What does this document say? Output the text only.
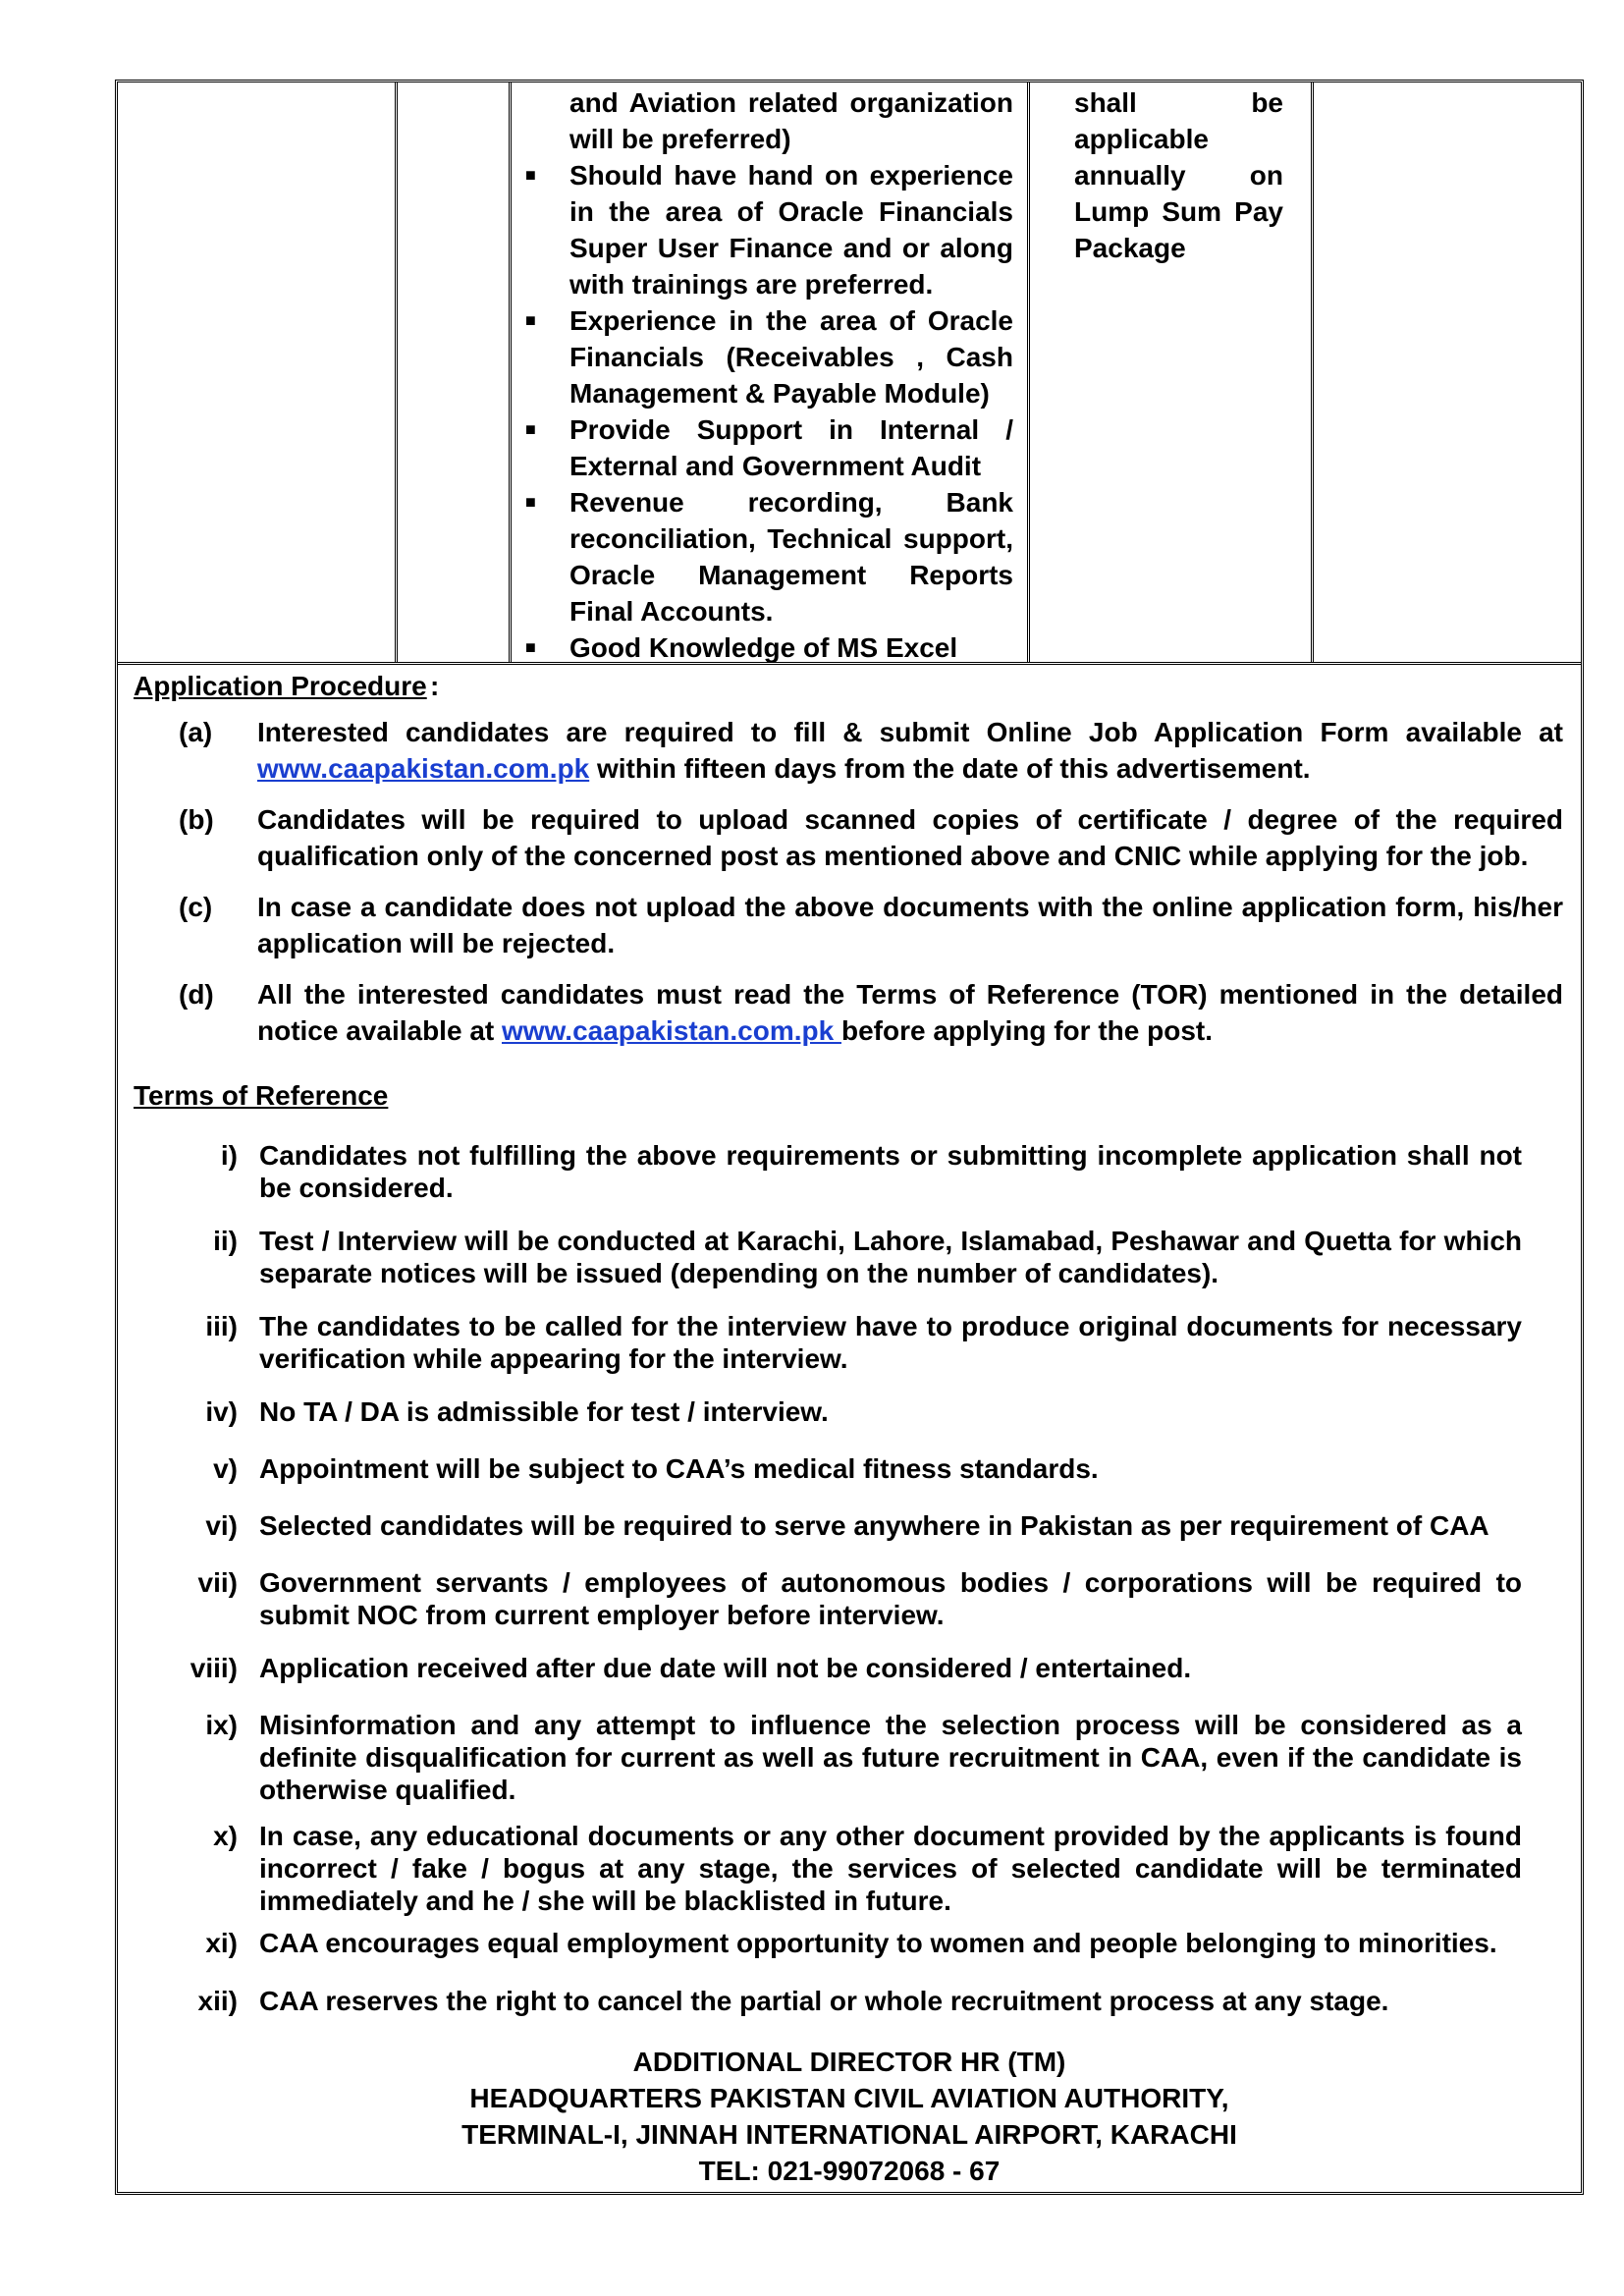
and Aviation related organization will be preferred)
■ Should have hand on experience in the area of Oracle Financials Super User Finance and or along with trainings are preferred.
■ Experience in the area of Oracle Financials (Receivables , Cash Management & Payable Module)
■ Provide Support in Internal / External and Government Audit
■ Revenue recording, Bank reconciliation, Technical support, Oracle Management Reports Final Accounts.
■ Good Knowledge of MS Excel
shall be
applicable
annually on
Lump Sum Pay
Package
Application Procedure :
(a) Interested candidates are required to fill & submit Online Job Application Form available at www.caapakistan.com.pk within fifteen days from the date of this advertisement.
(b) Candidates will be required to upload scanned copies of certificate / degree of the required qualification only of the concerned post as mentioned above and CNIC while applying for the job.
(c) In case a candidate does not upload the above documents with the online application form, his/her application will be rejected.
(d) All the interested candidates must read the Terms of Reference (TOR) mentioned in the detailed notice available at www.caapakistan.com.pk before applying for the post.
Terms of Reference
i) Candidates not fulfilling the above requirements or submitting incomplete application shall not be considered.
ii) Test / Interview will be conducted at Karachi, Lahore, Islamabad, Peshawar and Quetta for which separate notices will be issued (depending on the number of candidates).
iii) The candidates to be called for the interview have to produce original documents for necessary verification while appearing for the interview.
iv) No TA / DA is admissible for test / interview.
v) Appointment will be subject to CAA’s medical fitness standards.
vi) Selected candidates will be required to serve anywhere in Pakistan as per requirement of CAA
vii) Government servants / employees of autonomous bodies / corporations will be required to submit NOC from current employer before interview.
viii) Application received after due date will not be considered / entertained.
ix) Misinformation and any attempt to influence the selection process will be considered as a definite disqualification for current as well as future recruitment in CAA, even if the candidate is otherwise qualified.
x) In case, any educational documents or any other document provided by the applicants is found incorrect / fake / bogus at any stage, the services of selected candidate will be terminated immediately and he / she will be blacklisted in future.
xi) CAA encourages equal employment opportunity to women and people belonging to minorities.
xii) CAA reserves the right to cancel the partial or whole recruitment process at any stage.
ADDITIONAL DIRECTOR HR (TM)
HEADQUARTERS PAKISTAN CIVIL AVIATION AUTHORITY,
TERMINAL-I, JINNAH INTERNATIONAL AIRPORT, KARACHI
TEL: 021-99072068 - 67
